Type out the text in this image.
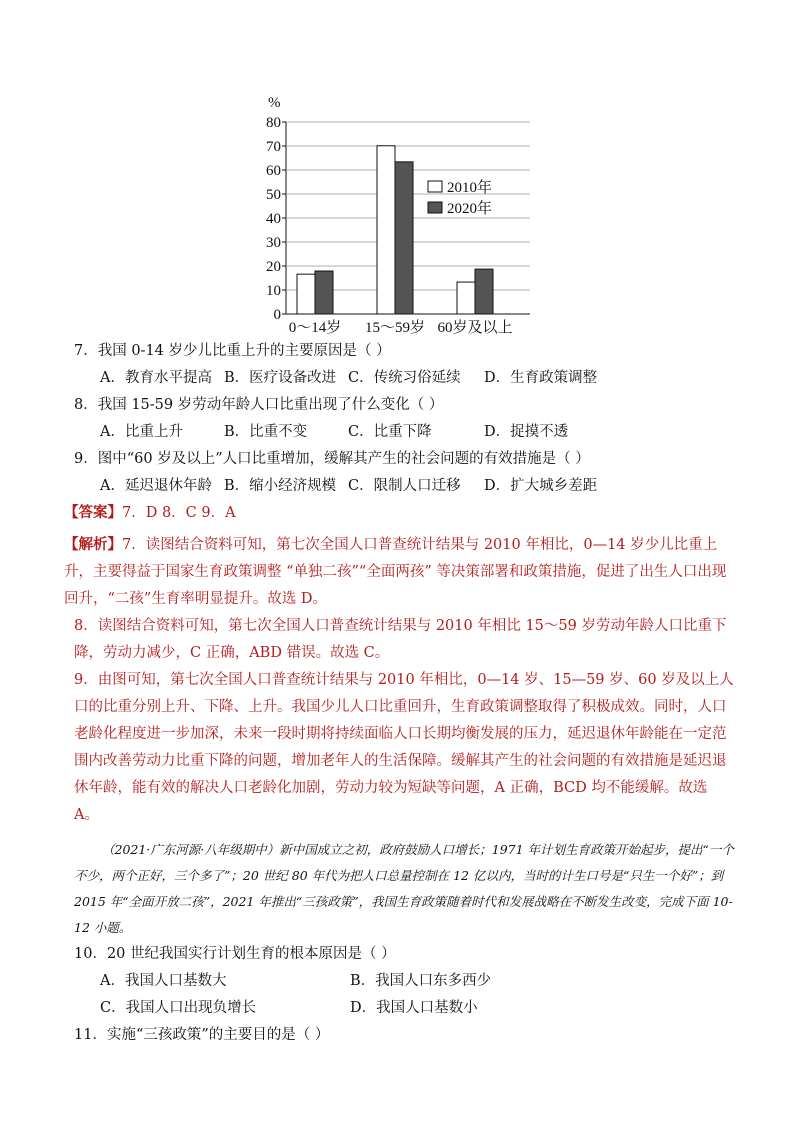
%
0
10
20
30
40
50
60
70
80
0～14岁 15～59岁 60岁及以上
2010年
2020年
7．我国 0-14 岁少儿比重上升的主要原因是（ ）
A．教育水平提高 B．医疗设备改进 C．传统习俗延续	D．生育政策调整
8．我国 15-59 岁劳动年龄人口比重出现了什么变化（ ）
A．比重上升	B．比重不变	C．比重下降	D．捉摸不透
9．图中“60 岁及以上”人口比重增加，缓解其产生的社会问题的有效措施是（ ）
A．延迟退休年龄 B．缩小经济规模 C．限制人口迁移	D．扩大城乡差距
【答案】7．D 8．C 9．A

【解析】7．读图结合资料可知，第七次全国人口普查统计结果与 2010 年相比，0—14 岁少儿比重上升，主要得益于国家生育政策调整 “单独二孩”“全面两孩” 等决策部署和政策措施，促进了出生人口出现回升，“二孩”生育率明显提升。故选 D。

8．读图结合资料可知，第七次全国人口普查统计结果与 2010 年相比 15～59 岁劳动年龄人口比重下降，劳动力减少，C 正确，ABD 错误。故选 C。

9．由图可知，第七次全国人口普查统计结果与 2010 年相比，0—14 岁、15—59 岁、60 岁及以上人口的比重分别上升、下降、上升。我国少儿人口比重回升，生育政策调整取得了积极成效。同时，人口老龄化程度进一步加深，未来一段时期将持续面临人口长期均衡发展的压力，延迟退休年龄能在一定范围内改善劳动力比重下降的问题，增加老年人的生活保障。缓解其产生的社会问题的有效措施是延迟退休年龄，能有效的解决人口老龄化加剧，劳动力较为短缺等问题，A 正确，BCD 均不能缓解。故选 A。

（2021·广东河源·八年级期中）新中国成立之初，政府鼓励人口增长；1971 年计划生育政策开始起步，提出“一个不少，两个正好，三个多了”；20 世纪 80 年代为把人口总量控制在 12 亿以内，当时的计生口号是“只生一个好”；到 2015 年“全面开放二孩”，2021 年推出“三孩政策”，我国生育政策随着时代和发展战略在不断发生改变，完成下面 10-12 小题。

10．20 世纪我国实行计划生育的根本原因是（ ）
A．我国人口基数大	B．我国人口东多西少
C．我国人口出现负增长	D．我国人口基数小
11．实施“三孩政策”的主要目的是（ ）
